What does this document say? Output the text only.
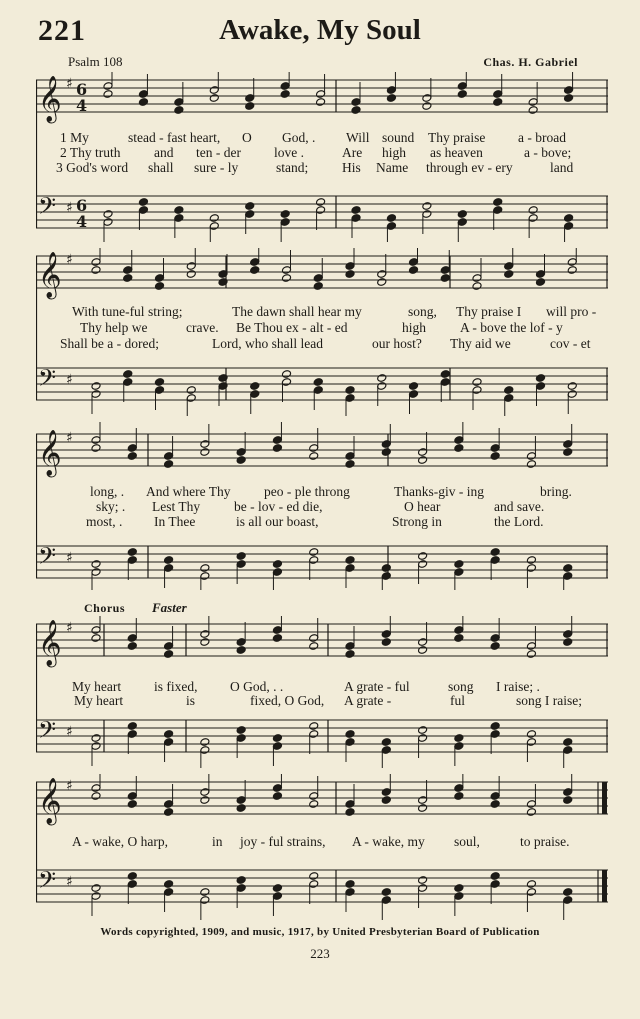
221	Awake, My Soul
Psalm 108	Chas. H. Gabriel
𝄞 ♯ 6
4
𝄢 ♯ 6
4
1 My	stead - fast heart, O God, . Will sound Thy praise a - broad
2 Thy truth and ten - der love .	Are high as heaven	a - bove;
3 God's word shall sure - ly	stand;	His Name through ev - ery	land
𝄞 ♯
𝄢 ♯
With tune-ful string;	The dawn shall hear my	song, Thy praise I will pro -
Thy help we	crave. Be Thou ex - alt - ed	high	A - bove the lof - y
Shall be a - dored;	Lord, who shall lead	our host? Thy aid we	cov - et
𝄞 ♯
𝄢 ♯
long, . And where Thy peo - ple throng	Thanks-giv - ing	bring.
sky; . Lest Thy	be - lov - ed die,	O hear	and save.
most, . In Thee	is all our boast,	Strong in	the Lord.
Chorus Faster
𝄞 ♯
𝄢 ♯
My heart is fixed, O God, . .	A grate - ful	song I raise; .
My heart	is	fixed, O God, A grate -	ful	song I raise;
𝄞 ♯
𝄢 ♯
A - wake, O harp,	in joy - ful strains, A - wake, my soul,	to praise.
Words copyrighted, 1909, and music, 1917, by United Presbyterian Board of Publication
223
